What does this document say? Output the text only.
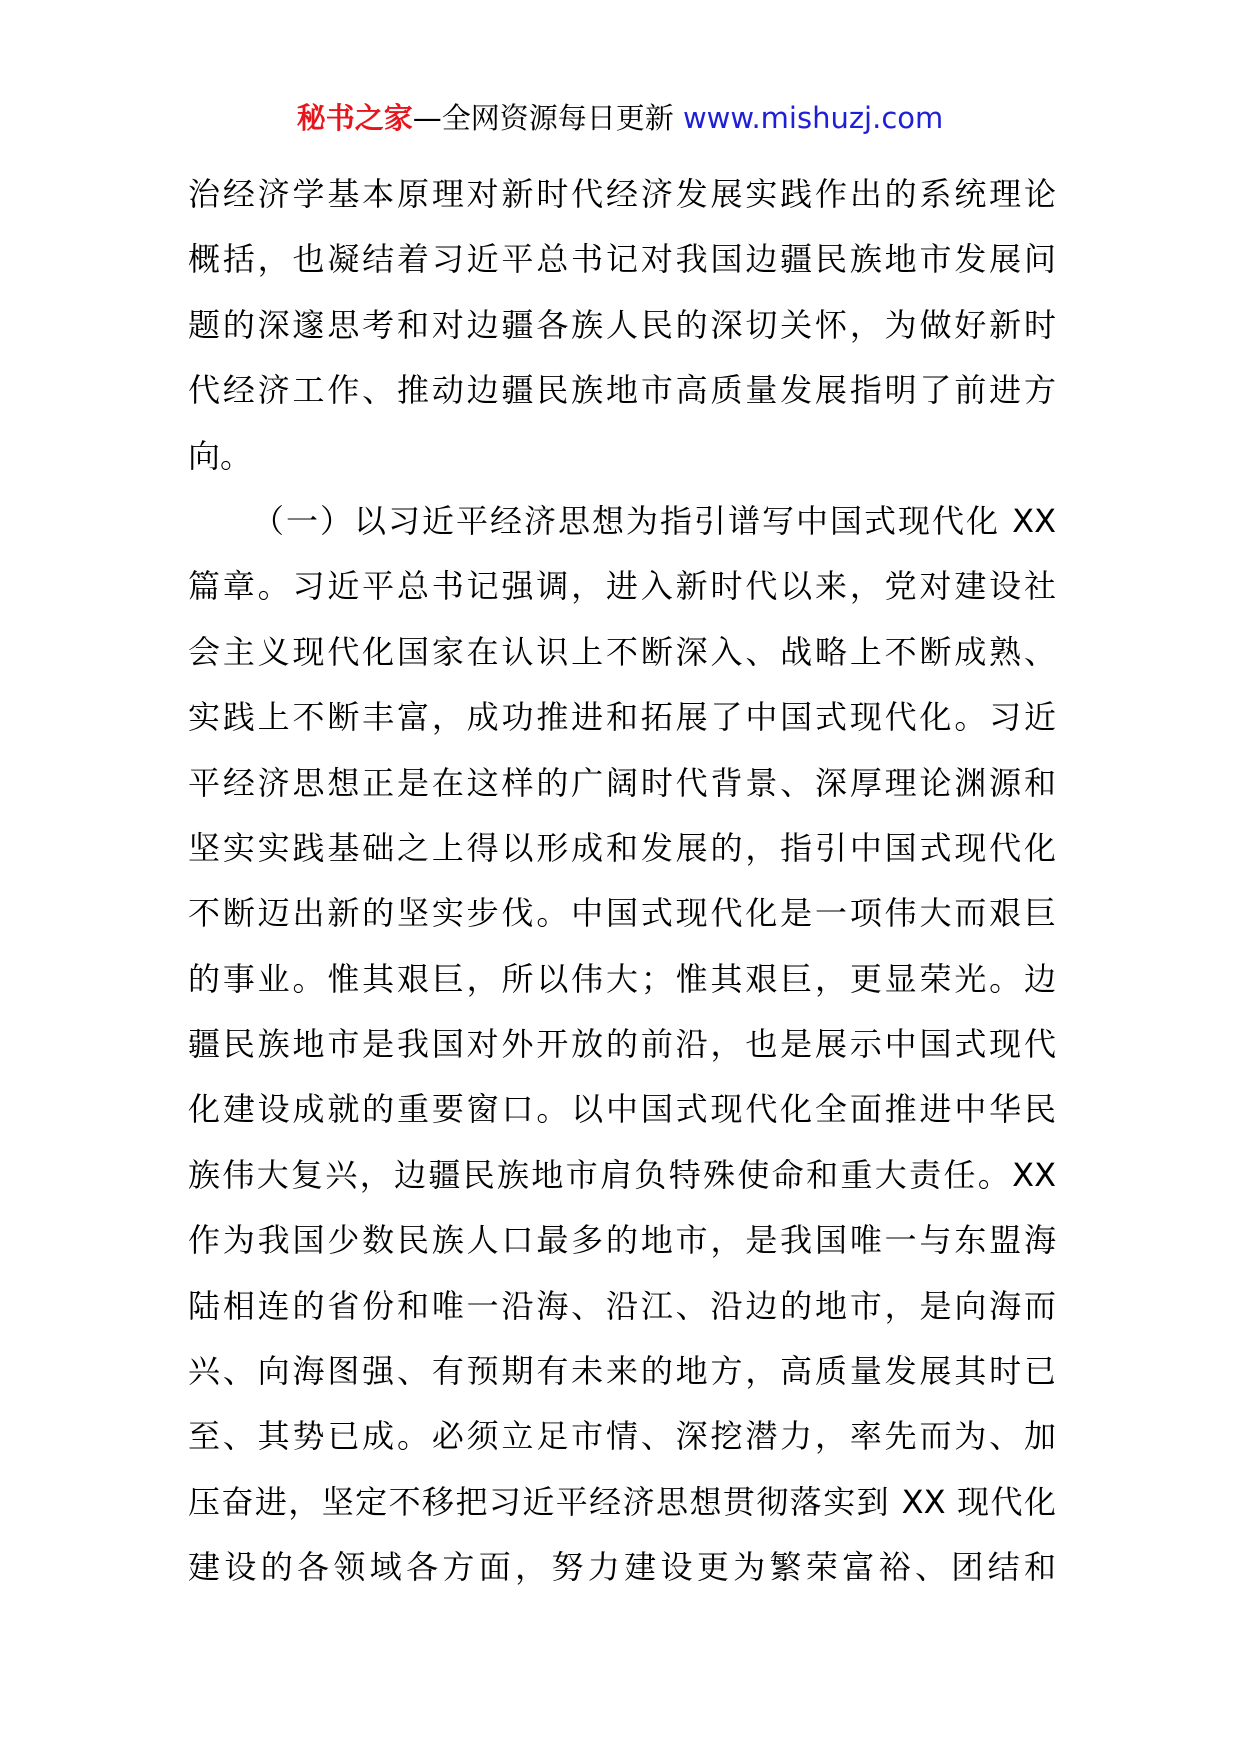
秘书之家—全网资源每日更新 www.mishuzj.com
治经济学基本原理对新时代经济发展实践作出的系统理论
概括，也凝结着习近平总书记对我国边疆民族地市发展问
题的深邃思考和对边疆各族人民的深切关怀，为做好新时
代经济工作、推动边疆民族地市高质量发展指明了前进方
向。
（一）以习近平经济思想为指引谱写中国式现代化 XX
篇章。习近平总书记强调，进入新时代以来，党对建设社
会主义现代化国家在认识上不断深入、战略上不断成熟、
实践上不断丰富，成功推进和拓展了中国式现代化。习近
平经济思想正是在这样的广阔时代背景、深厚理论渊源和
坚实实践基础之上得以形成和发展的，指引中国式现代化
不断迈出新的坚实步伐。中国式现代化是一项伟大而艰巨
的事业。惟其艰巨，所以伟大；惟其艰巨，更显荣光。边
疆民族地市是我国对外开放的前沿，也是展示中国式现代
化建设成就的重要窗口。以中国式现代化全面推进中华民
族伟大复兴，边疆民族地市肩负特殊使命和重大责任。XX
作为我国少数民族人口最多的地市，是我国唯一与东盟海
陆相连的省份和唯一沿海、沿江、沿边的地市，是向海而
兴、向海图强、有预期有未来的地方，高质量发展其时已
至、其势已成。必须立足市情、深挖潜力，率先而为、加
压奋进，坚定不移把习近平经济思想贯彻落实到 XX 现代化
建设的各领域各方面，努力建设更为繁荣富裕、团结和
